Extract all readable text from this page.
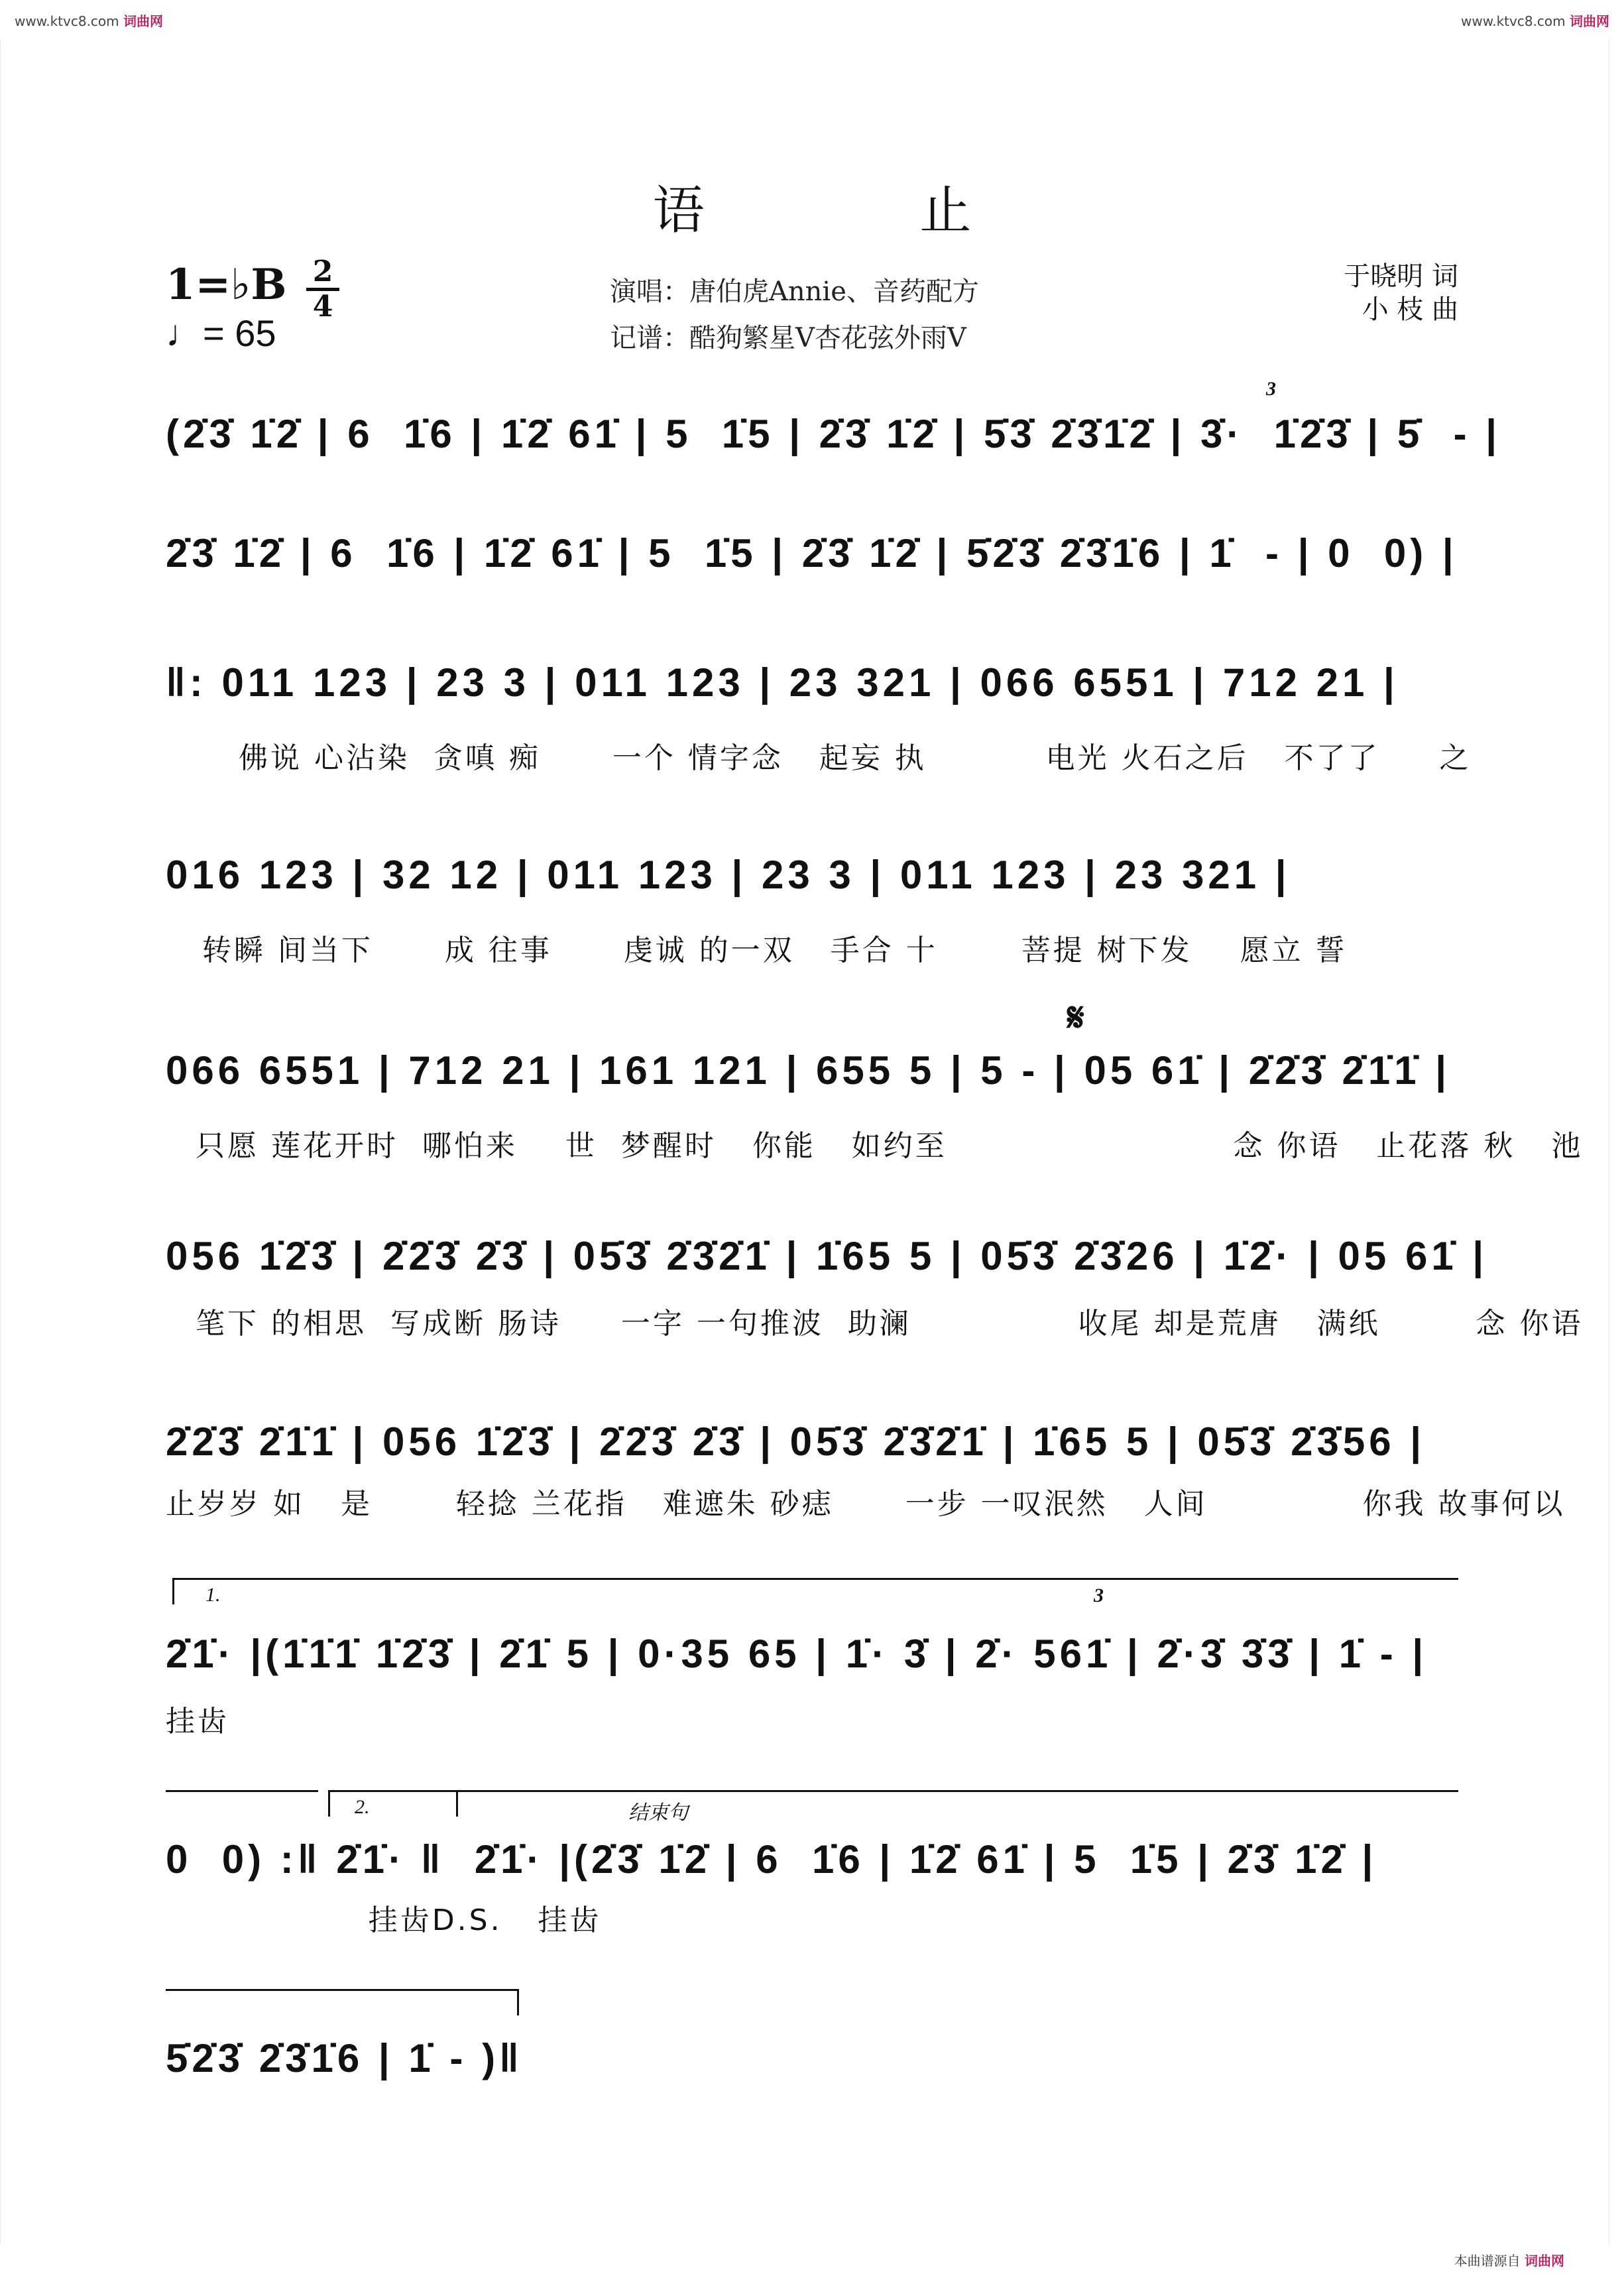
www.ktvc8.com 词曲网	www.ktvc8.com 词曲网
语 止
1=♭B 2
4
♩= 65
演唱：唐伯虎Annie、音药配方
记谱：酷狗繁星V杏花弦外雨V
于晓明 词
小 枝 曲
3
(2̇3̇ 1̇2̇ | 6  1̇6 | 1̇2̇ 61̇ | 5  1̇5 | 2̇3̇ 1̇2̇ | 5̇3̇ 2̇3̇1̇2̇ | 3̇·  1̇2̇3̇ | 5̇  - |
2̇3̇ 1̇2̇ | 6  1̇6 | 1̇2̇ 61̇ | 5  1̇5 | 2̇3̇ 1̇2̇ | 5̇2̇3̇ 2̇3̇1̇6 | 1̇  - | 0  0) |
‖: 011 123 | 23 3 | 011 123 | 23 321 | 066 6551 | 712 21 |
佛说 心沾染  贪嗔 痴      一个 情字念   起妄 执          电光 火石之后   不了了     之
016 123 | 32 12 | 011 123 | 23 3 | 011 123 | 23 321 |
转瞬 间当下      成 往事      虔诚 的一双   手合 十       菩提 树下发    愿立 誓
𝄋
066 6551 | 712 21 | 161 121 | 655 5 | 5 - | 05 61̇ | 2̇2̇3̇ 2̇1̇1̇ |
只愿 莲花开时  哪怕来    世  梦醒时   你能   如约至                        念 你语   止花落 秋   池
056 1̇2̇3̇ | 2̇2̇3̇ 2̇3̇ | 05̇3̇ 2̇3̇2̇1̇ | 1̇65 5 | 05̇3̇ 2̇3̇26 | 1̇2̇· | 05 61̇ |
笔下 的相思  写成断 肠诗     一字 一句推波  助澜              收尾 却是荒唐   满纸        念 你语
2̇2̇3̇ 2̇1̇1̇ | 056 1̇2̇3̇ | 2̇2̇3̇ 2̇3̇ | 05̇3̇ 2̇3̇2̇1̇ | 1̇65 5 | 05̇3̇ 2̇3̇56 |
止岁岁 如   是       轻捻 兰花指   难遮朱 砂痣      一步 一叹泯然   人间             你我 故事何以
1.	3
2̇1̇· |(1̇1̇1̇ 1̇2̇3̇ | 2̇1̇ 5 | 0·35 65 | 1̇· 3̇ | 2̇· 561̇ | 2̇·3̇ 3̇3̇ | 1̇ - |
挂齿
2.	结束句
0  0) :‖ 2̇1̇· ‖  2̇1̇· |(2̇3̇ 1̇2̇ | 6  1̇6 | 1̇2̇ 61̇ | 5  1̇5 | 2̇3̇ 1̇2̇ |
挂齿D.S.   挂齿
5̇2̇3̇ 2̇3̇1̇6 | 1̇ - )‖
本曲谱源自 词曲网
